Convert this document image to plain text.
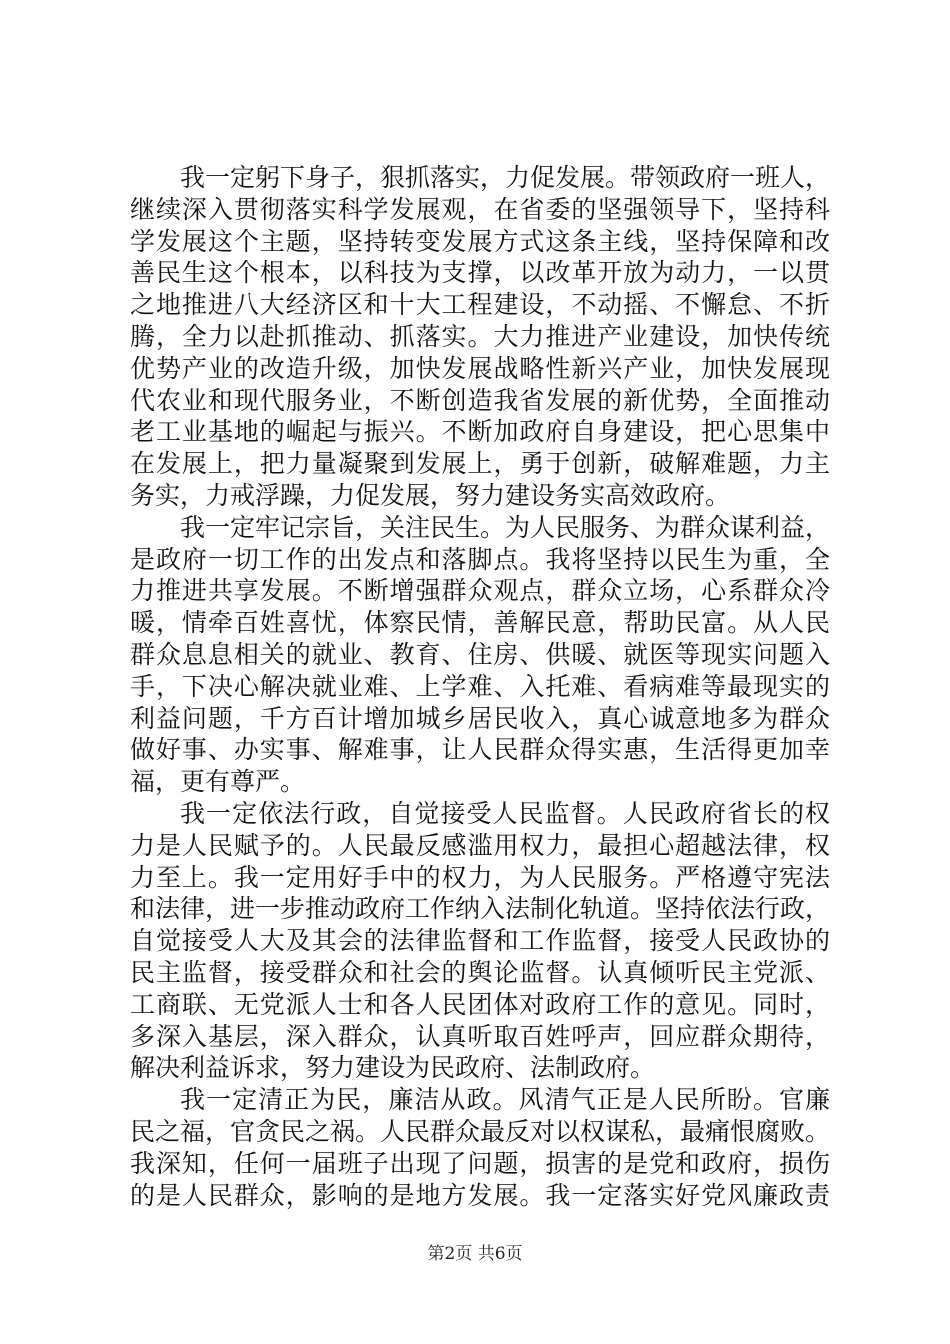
我一定躬下身子，狠抓落实，力促发展。带领政府一班人，
继续深入贯彻落实科学发展观，在省委的坚强领导下，坚持科
学发展这个主题，坚持转变发展方式这条主线，坚持保障和改
善民生这个根本，以科技为支撑，以改革开放为动力，一以贯
之地推进八大经济区和十大工程建设，不动摇、不懈怠、不折
腾，全力以赴抓推动、抓落实。大力推进产业建设，加快传统
优势产业的改造升级，加快发展战略性新兴产业，加快发展现
代农业和现代服务业，不断创造我省发展的新优势，全面推动
老工业基地的崛起与振兴。不断加政府自身建设，把心思集中
在发展上，把力量凝聚到发展上，勇于创新，破解难题，力主
务实，力戒浮躁，力促发展，努力建设务实高效政府。
我一定牢记宗旨，关注民生。为人民服务、为群众谋利益，
是政府一切工作的出发点和落脚点。我将坚持以民生为重，全
力推进共享发展。不断增强群众观点，群众立场，心系群众冷
暖，情牵百姓喜忧，体察民情，善解民意，帮助民富。从人民
群众息息相关的就业、教育、住房、供暖、就医等现实问题入
手，下决心解决就业难、上学难、入托难、看病难等最现实的
利益问题，千方百计增加城乡居民收入，真心诚意地多为群众
做好事、办实事、解难事，让人民群众得实惠，生活得更加幸
福，更有尊严。
我一定依法行政，自觉接受人民监督。人民政府省长的权
力是人民赋予的。人民最反感滥用权力，最担心超越法律，权
力至上。我一定用好手中的权力，为人民服务。严格遵守宪法
和法律，进一步推动政府工作纳入法制化轨道。坚持依法行政，
自觉接受人大及其会的法律监督和工作监督，接受人民政协的
民主监督，接受群众和社会的舆论监督。认真倾听民主党派、
工商联、无党派人士和各人民团体对政府工作的意见。同时，
多深入基层，深入群众，认真听取百姓呼声，回应群众期待，
解决利益诉求，努力建设为民政府、法制政府。
我一定清正为民，廉洁从政。风清气正是人民所盼。官廉
民之福，官贪民之祸。人民群众最反对以权谋私，最痛恨腐败。
我深知，任何一届班子出现了问题，损害的是党和政府，损伤
的是人民群众，影响的是地方发展。我一定落实好党风廉政责
第2页 共6页
